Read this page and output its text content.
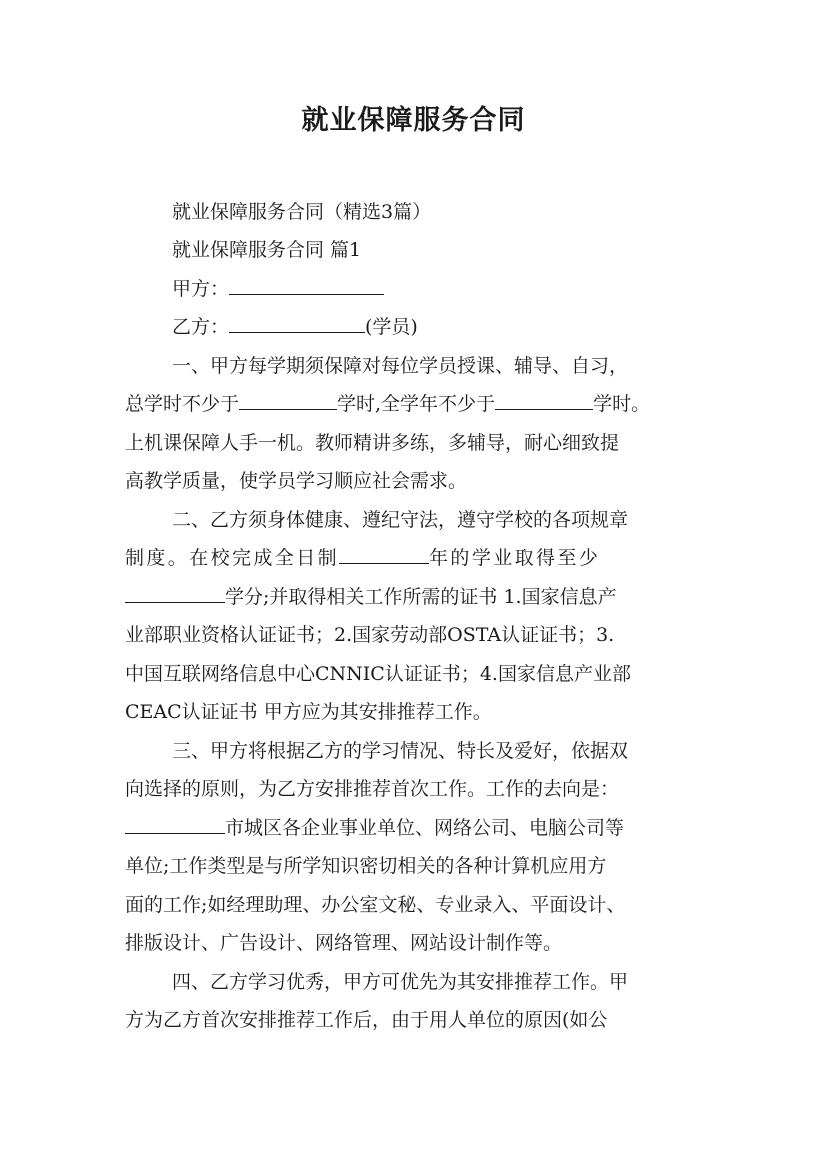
就业保障服务合同

就业保障服务合同（精选3篇）

就业保障服务合同 篇1

甲方：

乙方：	(学员)

一、甲方每学期须保障对每位学员授课、辅导、自习，

总学时不少于	学时,全学年不少于	学时。

上机课保障人手一机。教师精讲多练，多辅导，耐心细致提

高教学质量，使学员学习顺应社会需求。

二、乙方须身体健康、遵纪守法，遵守学校的各项规章

制度。在校完成全日制	年的学业取得至少

学分;并取得相关工作所需的证书 1.国家信息产

业部职业资格认证证书；2.国家劳动部OSTA认证证书；3.

中国互联网络信息中心CNNIC认证证书；4.国家信息产业部

CEAC认证证书 甲方应为其安排推荐工作。

三、甲方将根据乙方的学习情况、特长及爱好，依据双

向选择的原则，为乙方安排推荐首次工作。工作的去向是：

市城区各企业事业单位、网络公司、电脑公司等

单位;工作类型是与所学知识密切相关的各种计算机应用方

面的工作;如经理助理、办公室文秘、专业录入、平面设计、

排版设计、广告设计、网络管理、网站设计制作等。

四、乙方学习优秀，甲方可优先为其安排推荐工作。甲

方为乙方首次安排推荐工作后，由于用人单位的原因(如公
